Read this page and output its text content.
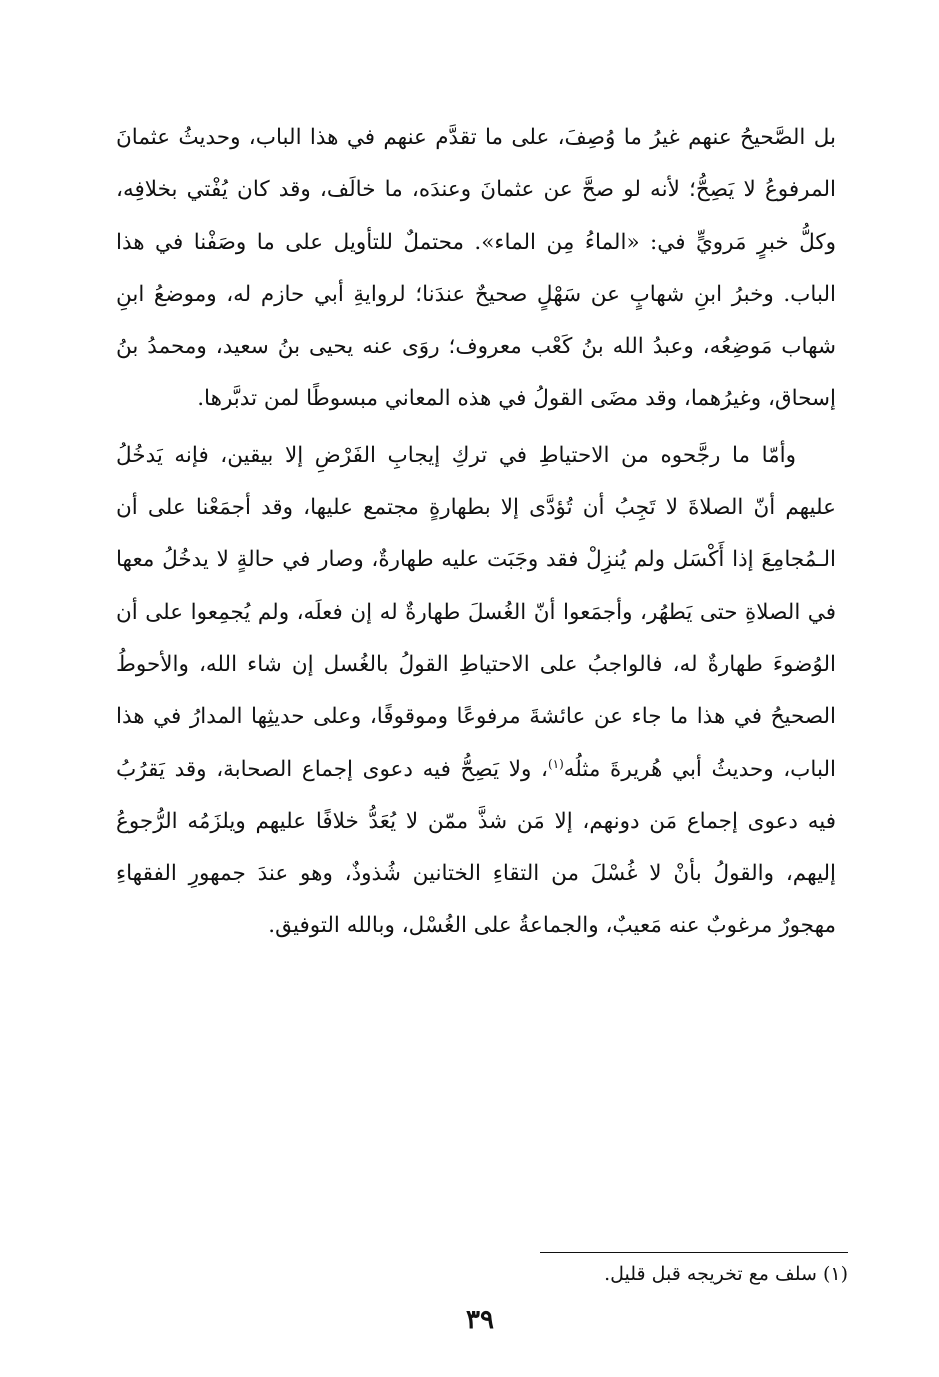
بل الصَّحيحُ عنهم غيرُ ما وُصِفَ، على ما تقدَّم عنهم في هذا الباب، وحديثُ عثمانَ المرفوعُ لا يَصِحُّ؛ لأنه لو صحَّ عن عثمانَ وعندَه، ما خالَف، وقد كان يُفْتي بخلافِه، وكلُّ خبرٍ مَرويٍّ في: «الماءُ مِن الماء». محتملٌ للتأويل على ما وصَفْنا في هذا الباب. وخبرُ ابنِ شهابٍ عن سَهْلٍ صحيحٌ عندَنا؛ لروايةِ أبي حازم له، وموضعُ ابنِ شهاب مَوضِعُه، وعبدُ الله بنُ كَعْب معروف؛ روَى عنه يحيى بنُ سعيد، ومحمدُ بنُ إسحاق، وغيرُهما، وقد مضَى القولُ في هذه المعاني مبسوطًا لمن تدبَّرها.

وأمّا ما رجَّحوه من الاحتياطِ في تركِ إيجابِ الفَرْضِ إلا بيقين، فإنه يَدخُلُ عليهم أنّ الصلاةَ لا تَجِبُ أن تُؤدَّى إلا بطهارةٍ مجتمع عليها، وقد أجمَعْنا على أن الـمُجامِعَ إذا أَكْسَل ولم يُنزِلْ فقد وجَبَت عليه طهارةٌ، وصار في حالةٍ لا يدخُلُ معها في الصلاةِ حتى يَطهُر، وأجمَعوا أنّ الغُسلَ طهارةٌ له إن فعلَه، ولم يُجمِعوا على أن الوُضوءَ طهارةٌ له، فالواجبُ على الاحتياطِ القولُ بالغُسل إن شاء الله، والأحوطُ الصحيحُ في هذا ما جاء عن عائشةَ مرفوعًا وموقوفًا، وعلى حديثِها المدارُ في هذا الباب، وحديثُ أبي هُريرةَ مثلُه$^{(١)}$، ولا يَصِحُّ فيه دعوى إجماع الصحابة، وقد يَقرُبُ فيه دعوى إجماع مَن دونهم، إلا مَن شذَّ ممّن لا يُعَدُّ خلافًا عليهم ويلزَمُه الرُّجوعُ إليهم، والقولُ بأنْ لا غُسْلَ من التقاءِ الختانين شُذوذٌ، وهو عندَ جمهورِ الفقهاءِ مهجورٌ مرغوبٌ عنه مَعيبٌ، والجماعةُ على الغُسْل، وبالله التوفيق.

(١) سلف مع تخريجه قبل قليل.

٣٩
